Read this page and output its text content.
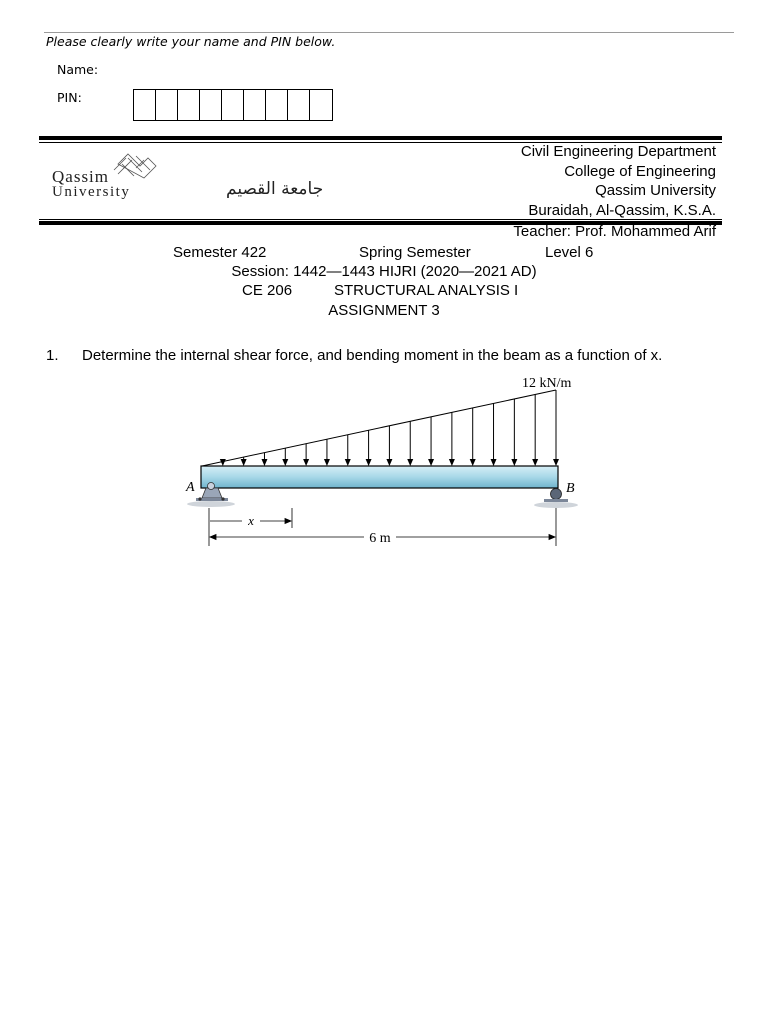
Please clearly write your name and PIN below.
Name:
PIN:
Qassim
University	جامعة القصيم
Civil Engineering Department
College of Engineering
Qassim University
Buraidah, Al-Qassim, K.S.A.
Teacher: Prof. Mohammed Arif
Semester 422	Spring Semester	Level 6
Session: 1442—1443 HIJRI (2020—2021 AD)
CE 206	STRUCTURAL ANALYSIS I
ASSIGNMENT 3
1. Determine the internal shear force, and bending moment in the beam as a function of x.
12 kN/m
A	B
x
6 m
